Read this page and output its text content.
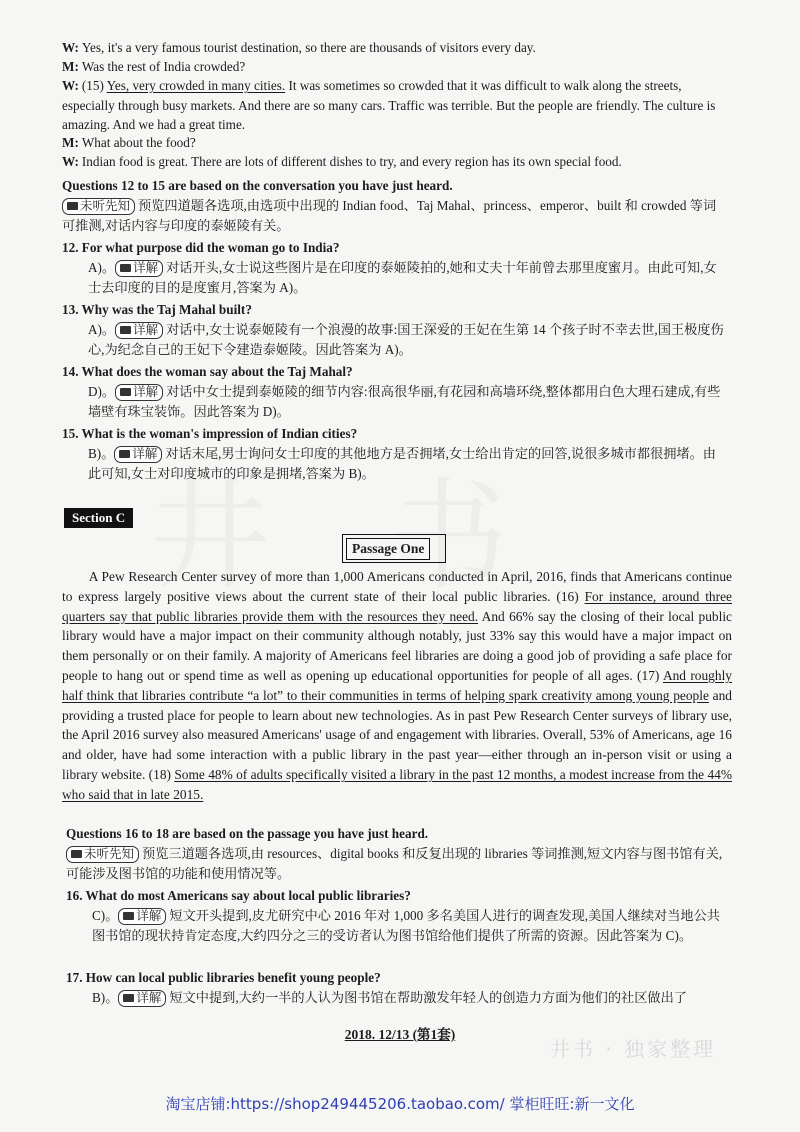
W: Yes, it's a very famous tourist destination, so there are thousands of visitors every day.
M: Was the rest of India crowded?
W: (15) Yes, very crowded in many cities. It was sometimes so crowded that it was difficult to walk along the streets, especially through busy markets. And there are so many cars. Traffic was terrible. But the people are friendly. The culture is amazing. And we had a great time.
M: What about the food?
W: Indian food is great. There are lots of different dishes to try, and every region has its own special food.
Questions 12 to 15 are based on the conversation you have just heard.
未听先知 预览四道题各选项,由选项中出现的 Indian food、Taj Mahal、princess、emperor、built 和 crowded 等词可推测,对话内容与印度的泰姬陵有关。
12. For what purpose did the woman go to India?
A)。 详解 对话开头,女士说这些图片是在印度的泰姬陵拍的,她和丈夫十年前曾去那里度蜜月。由此可知,女士去印度的目的是度蜜月,答案为 A)。
13. Why was the Taj Mahal built?
A)。 详解 对话中,女士说泰姬陵有一个浪漫的故事:国王深爱的王妃在生第 14 个孩子时不幸去世,国王极度伤心,为纪念自己的王妃下令建造泰姬陵。因此答案为 A)。
14. What does the woman say about the Taj Mahal?
D)。 详解 对话中女士提到泰姬陵的细节内容:很高很华丽,有花园和高墙环绕,整体都用白色大理石建成,有些墙壁有珠宝装饰。因此答案为 D)。
15. What is the woman's impression of Indian cities?
B)。 详解 对话末尾,男士询问女士印度的其他地方是否拥堵,女士给出肯定的回答,说很多城市都很拥堵。由此可知,女士对印度城市的印象是拥堵,答案为 B)。
Section C
Passage One
A Pew Research Center survey of more than 1,000 Americans conducted in April, 2016, finds that Americans continue to express largely positive views about the current state of their local public libraries. (16) For instance, around three quarters say that public libraries provide them with the resources they need. And 66% say the closing of their local public library would have a major impact on their community although notably, just 33% say this would have a major impact on them personally or on their family. A majority of Americans feel libraries are doing a good job of providing a safe place for people to hang out or spend time as well as opening up educational opportunities for people of all ages. (17) And roughly half think that libraries contribute “a lot” to their communities in terms of helping spark creativity among young people and providing a trusted place for people to learn about new technologies. As in past Pew Research Center surveys of library use, the April 2016 survey also measured Americans' usage of and engagement with libraries. Overall, 53% of Americans, age 16 and older, have had some interaction with a public library in the past year—either through an in-person visit or using a library website. (18) Some 48% of adults specifically visited a library in the past 12 months, a modest increase from the 44% who said that in late 2015.
Questions 16 to 18 are based on the passage you have just heard.
未听先知 预览三道题各选项,由 resources、digital books 和反复出现的 libraries 等词推测,短文内容与图书馆有关,可能涉及图书馆的功能和使用情况等。
16. What do most Americans say about local public libraries?
C)。 详解 短文开头提到,皮尤研究中心 2016 年对 1,000 多名美国人进行的调查发现,美国人继续对当地公共图书馆的现状持肯定态度,大约四分之三的受访者认为图书馆给他们提供了所需的资源。因此答案为 C)。
17. How can local public libraries benefit young people?
B)。 详解 短文中提到,大约一半的人认为图书馆在帮助激发年轻人的创造力方面为他们的社区做出了
2018. 12/13 (第1套)
井书 · 独家整理
淘宝店铺:https://shop249445206.taobao.com/ 掌柜旺旺:新一文化
